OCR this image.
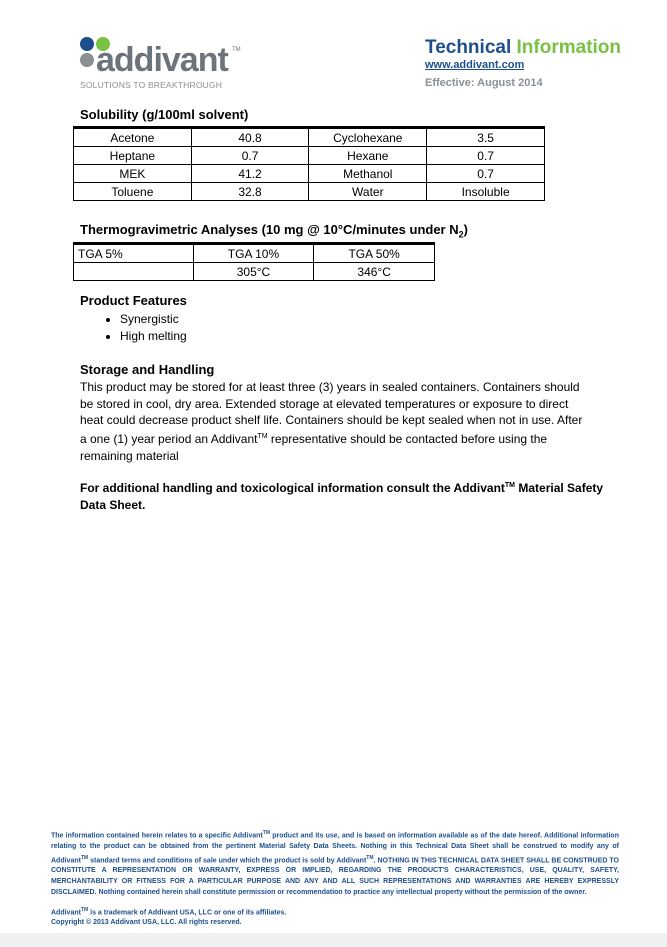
addivant TM
SOLUTIONS TO BREAKTHROUGH
Technical Information
www.addivant.com
Effective: August 2014
Solubility (g/100ml solvent)
Acetone	40.8	Cyclohexane	3.5
Heptane	0.7	Hexane	0.7
MEK	41.2	Methanol	0.7
Toluene	32.8	Water	Insoluble
Thermogravimetric Analyses (10 mg @ 10°C/minutes under $N_2$)
TGA 5%	TGA 10%	TGA 50%
	305°C	346°C
Product Features
• Synergistic
• High melting
Storage and Handling

This product may be stored for at least three (3) years in sealed containers. Containers should be stored in cool, dry area. Extended storage at elevated temperatures or exposure to direct heat could decrease product shelf life. Containers should be kept sealed when not in use. After a one (1) year period an Addivant™ representative should be contacted before using the remaining material

For additional handling and toxicological information consult the Addivant™ Material Safety Data Sheet.

The information contained herein relates to a specific Addivant™ product and its use, and is based on information available as of the date hereof. Additional information relating to the product can be obtained from the pertinent Material Safety Data Sheets. Nothing in this Technical Data Sheet shall be construed to modify any of Addivant™ standard terms and conditions of sale under which the product is sold by Addivant™. NOTHING IN THIS TECHNICAL DATA SHEET SHALL BE CONSTRUED TO CONSTITUTE A REPRESENTATION OR WARRANTY, EXPRESS OR IMPLIED, REGARDING THE PRODUCT'S CHARACTERISTICS, USE, QUALITY, SAFETY, MERCHANTABILITY OR FITNESS FOR A PARTICULAR PURPOSE AND ANY AND ALL SUCH REPRESENTATIONS AND WARRANTIES ARE HEREBY EXPRESSLY DISCLAIMED. Nothing contained herein shall constitute permission or recommendation to practice any intellectual property without the permission of the owner.

Addivant™ is a trademark of Addivant USA, LLC or one of its affiliates.
Copyright © 2013 Addivant USA, LLC. All rights reserved.
